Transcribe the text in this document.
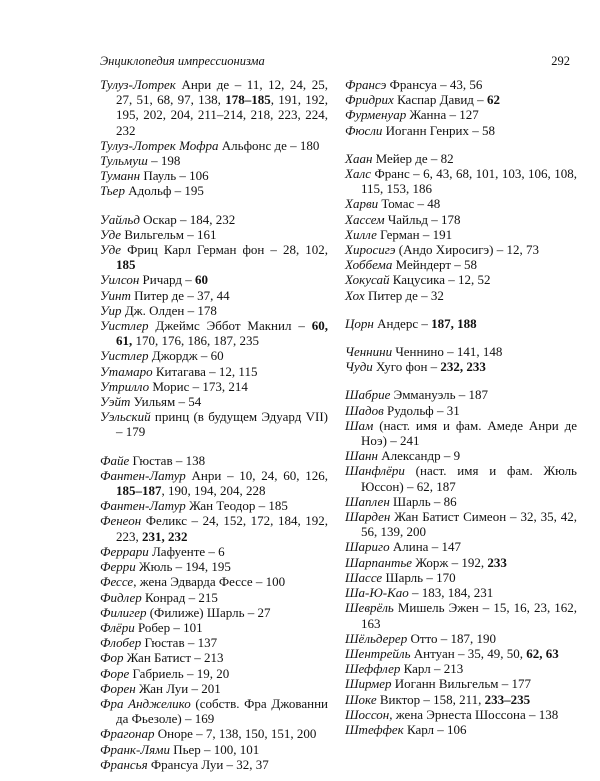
Энциклопедия импрессионизма	292
Тулуз-Лотрек Анри де – 11, 12, 24, 25, 27, 51, 68, 97, 138, 178–185, 191, 192, 195, 202, 204, 211–214, 218, 223, 224, 232
Тулуз-Лотрек Мофра Альфонс де – 180
Тульмуш – 198
Туманн Пауль – 106
Тьер Адольф – 195
Уайльд Оскар – 184, 232
Уде Вильгельм – 161
Уде Фриц Карл Герман фон – 28, 102, 185
Уилсон Ричард – 60
Уинт Питер де – 37, 44
Уир Дж. Олден – 178
Уистлер Джеймс Эббот Макнил – 60, 61, 170, 176, 186, 187, 235
Уистлер Джордж – 60
Утамаро Китагава – 12, 115
Утрилло Морис – 173, 214
Уэйт Уильям – 54
Уэльский принц (в будущем Эдуард VII) – 179
Файе Гюстав – 138
Фантен-Латур Анри – 10, 24, 60, 126, 185–187, 190, 194, 204, 228
Фантен-Латур Жан Теодор – 185
Фенеон Феликс – 24, 152, 172, 184, 192, 223, 231, 232
Феррари Лафуенте – 6
Ферри Жюль – 194, 195
Фессе, жена Эдварда Фессе – 100
Фидлер Конрад – 215
Филигер (Филиже) Шарль – 27
Флёри Робер – 101
Флобер Гюстав – 137
Фор Жан Батист – 213
Форе Габриель – 19, 20
Форен Жан Луи – 201
Фра Анджелико (собств. Фра Джованни да Фьезоле) – 169
Фрагонар Оноре – 7, 138, 150, 151, 200
Франк-Лями Пьер – 100, 101
Франсья Франсуа Луи – 32, 37
Франсэ Франсуа – 43, 56
Фридрих Каспар Давид – 62
Фурменуар Жанна – 127
Фюсли Иоганн Генрих – 58
Хаан Мейер де – 82
Халс Франс – 6, 43, 68, 101, 103, 106, 108, 115, 153, 186
Харви Томас – 48
Хассем Чайльд – 178
Хилле Герман – 191
Хиросигэ (Андо Хиросигэ) – 12, 73
Хоббема Мейндерт – 58
Хокусай Кацусика – 12, 52
Хох Питер де – 32
Цорн Андерс – 187, 188
Ченнини Ченнино – 141, 148
Чуди Хуго фон – 232, 233
Шабрие Эммануэль – 187
Шадов Рудольф – 31
Шам (наст. имя и фам. Амеде Анри де Ноэ) – 241
Шанн Александр – 9
Шанфлёри (наст. имя и фам. Жюль Юссон) – 62, 187
Шаплен Шарль – 86
Шарден Жан Батист Симеон – 32, 35, 42, 56, 139, 200
Шариго Алина – 147
Шарпантье Жорж – 192, 233
Шассе Шарль – 170
Ша-Ю-Као – 183, 184, 231
Шеврёль Мишель Эжен – 15, 16, 23, 162, 163
Шёльдерер Отто – 187, 190
Шентрейль Антуан – 35, 49, 50, 62, 63
Шеффлер Карл – 213
Ширмер Иоганн Вильгельм – 177
Шоке Виктор – 158, 211, 233–235
Шоссон, жена Эрнеста Шоссона – 138
Штеффек Карл – 106
